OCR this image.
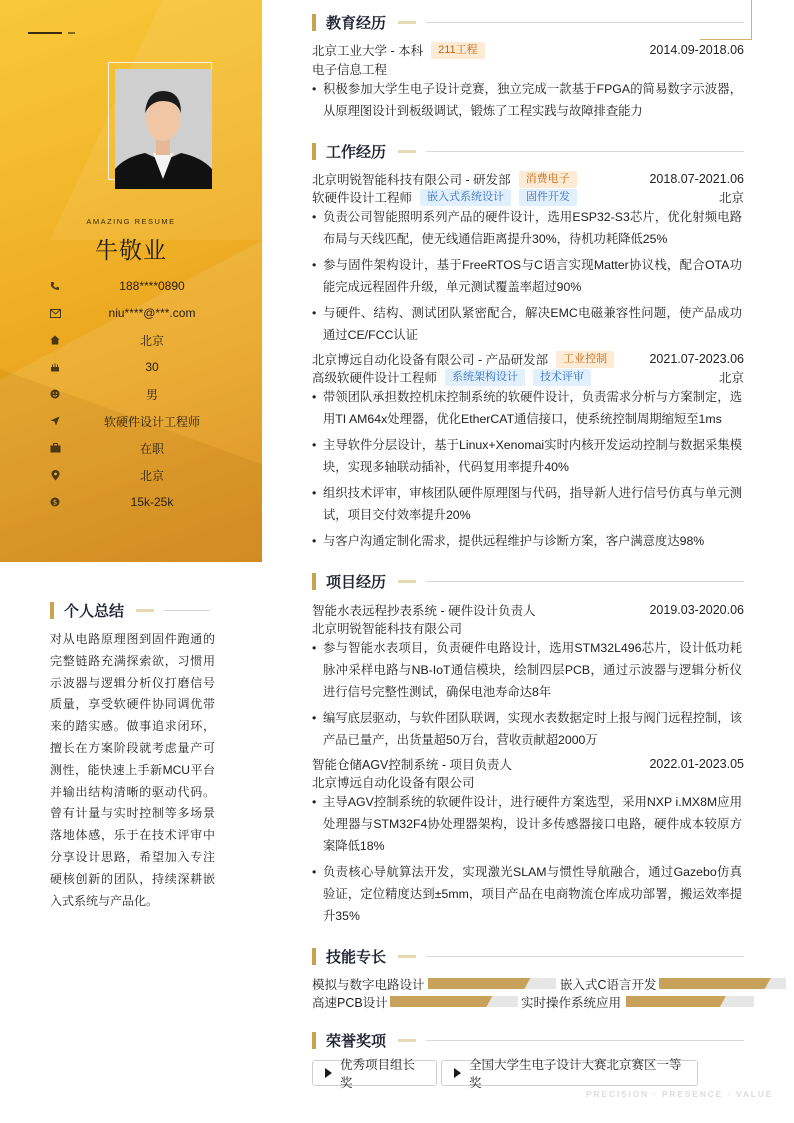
AMAZING RESUME
牛敬业
188****0890
niu****@***.com
北京
30
男
软硬件设计工程师
在职
北京
$	15k-25k
个人总结
对从电路原理图到固件跑通的完整链路充满探索欲，习惯用示波器与逻辑分析仪打磨信号质量，享受软硬件协同调优带来的踏实感。做事追求闭环，擅长在方案阶段就考虑量产可测性，能快速上手新MCU平台并输出结构清晰的驱动代码。曾有计量与实时控制等多场景落地体感，乐于在技术评审中分享设计思路，希望加入专注硬核创新的团队，持续深耕嵌入式系统与产品化。
教育经历
北京工业大学 - 本科	211工程	2014.09-2018.06
电子信息工程
• 积极参加大学生电子设计竞赛，独立完成一款基于FPGA的简易数字示波器，从原理图设计到板级调试，锻炼了工程实践与故障排查能力
工作经历
北京明锐智能科技有限公司 - 研发部	消费电子	2018.07-2021.06
软硬件设计工程师	嵌入式系统设计	固件开发	北京
• 负责公司智能照明系列产品的硬件设计，选用ESP32-S3芯片，优化射频电路布局与天线匹配，使无线通信距离提升30%，待机功耗降低25%
• 参与固件架构设计，基于FreeRTOS与C语言实现Matter协议栈，配合OTA功能完成远程固件升级，单元测试覆盖率超过90%
• 与硬件、结构、测试团队紧密配合，解决EMC电磁兼容性问题，使产品成功通过CE/FCC认证
北京博远自动化设备有限公司 - 产品研发部	工业控制	2021.07-2023.06
高级软硬件设计工程师	系统架构设计	技术评审	北京
• 带领团队承担数控机床控制系统的软硬件设计，负责需求分析与方案制定，选用TI AM64x处理器，优化EtherCAT通信接口，使系统控制周期缩短至1ms
• 主导软件分层设计，基于Linux+Xenomai实时内核开发运动控制与数据采集模块，实现多轴联动插补，代码复用率提升40%
• 组织技术评审，审核团队硬件原理图与代码，指导新人进行信号仿真与单元测试，项目交付效率提升20%
• 与客户沟通定制化需求，提供远程维护与诊断方案，客户满意度达98%
项目经历
智能水表远程抄表系统 - 硬件设计负责人	2019.03-2020.06
北京明锐智能科技有限公司
• 参与智能水表项目，负责硬件电路设计，选用STM32L496芯片，设计低功耗脉冲采样电路与NB-IoT通信模块，绘制四层PCB，通过示波器与逻辑分析仪进行信号完整性测试，确保电池寿命达8年
• 编写底层驱动，与软件团队联调，实现水表数据定时上报与阀门远程控制，该产品已量产，出货量超50万台，营收贡献超2000万
智能仓储AGV控制系统 - 项目负责人	2022.01-2023.05
北京博远自动化设备有限公司
• 主导AGV控制系统的软硬件设计，进行硬件方案选型，采用NXP i.MX8M应用处理器与STM32F4协处理器架构，设计多传感器接口电路，硬件成本较原方案降低18%
• 负责核心导航算法开发，实现激光SLAM与惯性导航融合，通过Gazebo仿真验证，定位精度达到±5mm，项目产品在电商物流仓库成功部署，搬运效率提升35%
技能专长
模拟与数字电路设计	嵌入式C语言开发
高速PCB设计	实时操作系统应用
荣誉奖项
优秀项目组长奖
全国大学生电子设计大赛北京赛区一等奖
PRECISION · PRESENCE · VALUE
